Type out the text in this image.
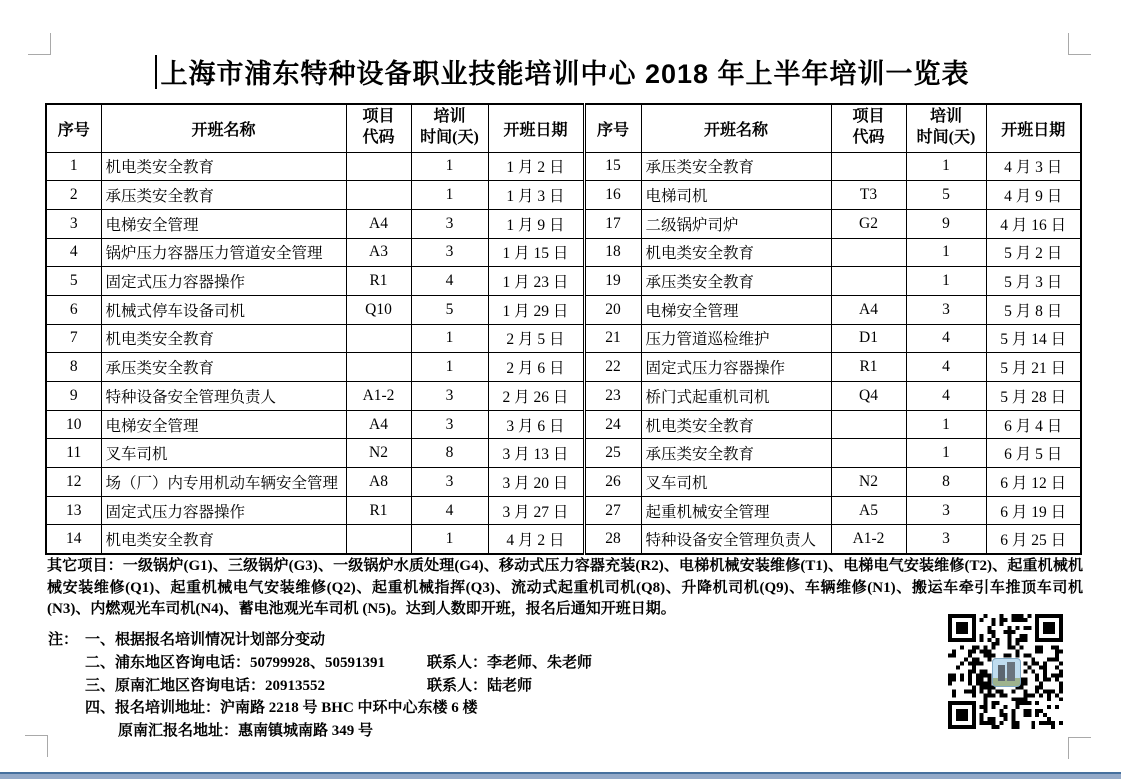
上海市浦东特种设备职业技能培训中心 2018 年上半年培训一览表
序号	开班名称	
项目
代码

培训
时间(天)	开班日期	序号	开班名称	
项目
代码

培训
时间(天)	开班日期
1	机电类安全教育		1	1 月 2 日	15	承压类安全教育		1	4 月 3 日
2	承压类安全教育		1	1 月 3 日	16	电梯司机	T3	5	4 月 9 日
3	电梯安全管理	A4	3	1 月 9 日	17	二级锅炉司炉	G2	9	4 月 16 日
4	锅炉压力容器压力管道安全管理	A3	3	1 月 15 日	18	机电类安全教育		1	5 月 2 日
5	固定式压力容器操作	R1	4	1 月 23 日	19	承压类安全教育		1	5 月 3 日
6	机械式停车设备司机	Q10	5	1 月 29 日	20	电梯安全管理	A4	3	5 月 8 日
7	机电类安全教育		1	2 月 5 日	21	压力管道巡检维护	D1	4	5 月 14 日
8	承压类安全教育		1	2 月 6 日	22	固定式压力容器操作	R1	4	5 月 21 日
9	特种设备安全管理负责人	A1-2	3	2 月 26 日	23	桥门式起重机司机	Q4	4	5 月 28 日
10	电梯安全管理	A4	3	3 月 6 日	24	机电类安全教育		1	6 月 4 日
11	叉车司机	N2	8	3 月 13 日	25	承压类安全教育		1	6 月 5 日
12	场（厂）内专用机动车辆安全管理	A8	3	3 月 20 日	26	叉车司机	N2	8	6 月 12 日
13	固定式压力容器操作	R1	4	3 月 27 日	27	起重机械安全管理	A5	3	6 月 19 日
14	机电类安全教育		1	4 月 2 日	28	特种设备安全管理负责人	A1-2	3	6 月 25 日
其它项目：一级锅炉(G1)、三级锅炉(G3)、一级锅炉水质处理(G4)、移动式压力容器充装(R2)、电梯机械安装维修(T1)、电梯电气安装维修(T2)、起重机械机械安装维修(Q1)、起重机械电气安装维修(Q2)、起重机械指挥(Q3)、流动式起重机司机(Q8)、升降机司机(Q9)、车辆维修(N1)、搬运车牵引车推顶车司机(N3)、内燃观光车司机(N4)、蓄电池观光车司机 (N5)。达到人数即开班，报名后通知开班日期。
注： 一、根据报名培训情况计划部分变动
二、浦东地区咨询电话：50799928、50591391	联系人：李老师、朱老师
三、原南汇地区咨询电话：20913552	联系人：陆老师
四、报名培训地址：沪南路 2218 号 BHC 中环中心东楼 6 楼
原南汇报名地址：惠南镇城南路 349 号
